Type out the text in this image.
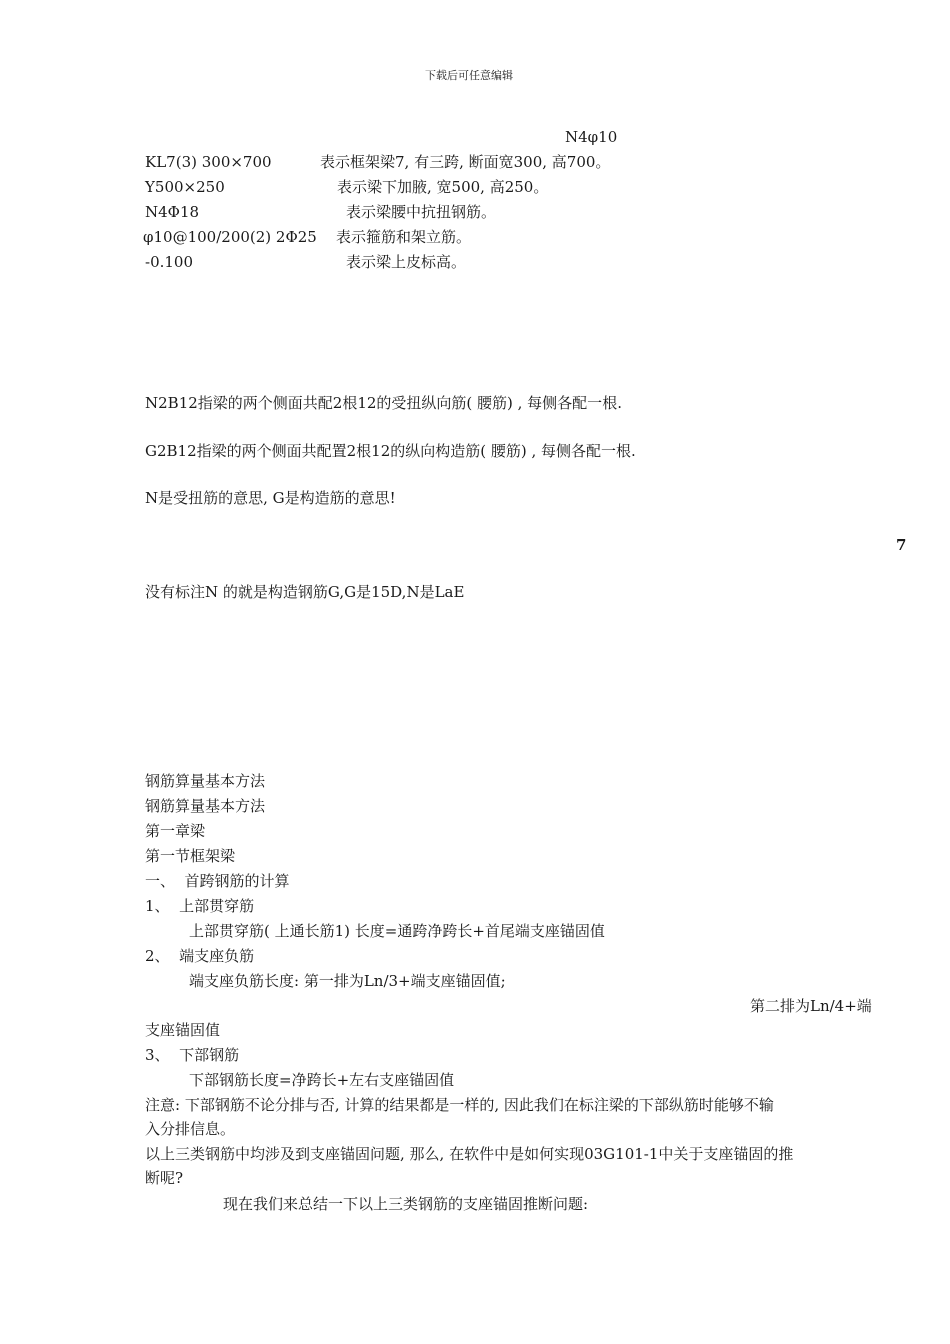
下载后可任意编辑
N4φ10
KL7(3) 300×700	表示框架梁7, 有三跨, 断面宽300, 高700。
Y500×250	表示梁下加腋, 宽500, 高250。
N4Φ18	表示梁腰中抗扭钢筋。
φ10@100/200(2) 2Φ25 表示箍筋和架立筋。
-0.100	表示梁上皮标高。
N2B12指梁的两个侧面共配2根12的受扭纵向筋( 腰筋) , 每侧各配一根.
G2B12指梁的两个侧面共配置2根12的纵向构造筋( 腰筋) , 每侧各配一根.
N是受扭筋的意思, G是构造筋的意思!
7
没有标注N 的就是构造钢筋G,G是15D,N是LaE
钢筋算量基本方法
钢筋算量基本方法
第一章梁
第一节框架梁
一、  首跨钢筋的计算
1、  上部贯穿筋
上部贯穿筋( 上通长筋1) 长度=通跨净跨长+首尾端支座锚固值
2、  端支座负筋
端支座负筋长度: 第一排为Ln/3+端支座锚固值;
第二排为Ln/4+端
支座锚固值
3、  下部钢筋
下部钢筋长度=净跨长+左右支座锚固值
注意: 下部钢筋不论分排与否, 计算的结果都是一样的, 因此我们在标注梁的下部纵筋时能够不输
入分排信息。
以上三类钢筋中均涉及到支座锚固问题, 那么, 在软件中是如何实现03G101-1中关于支座锚固的推
断呢?
现在我们来总结一下以上三类钢筋的支座锚固推断问题:
